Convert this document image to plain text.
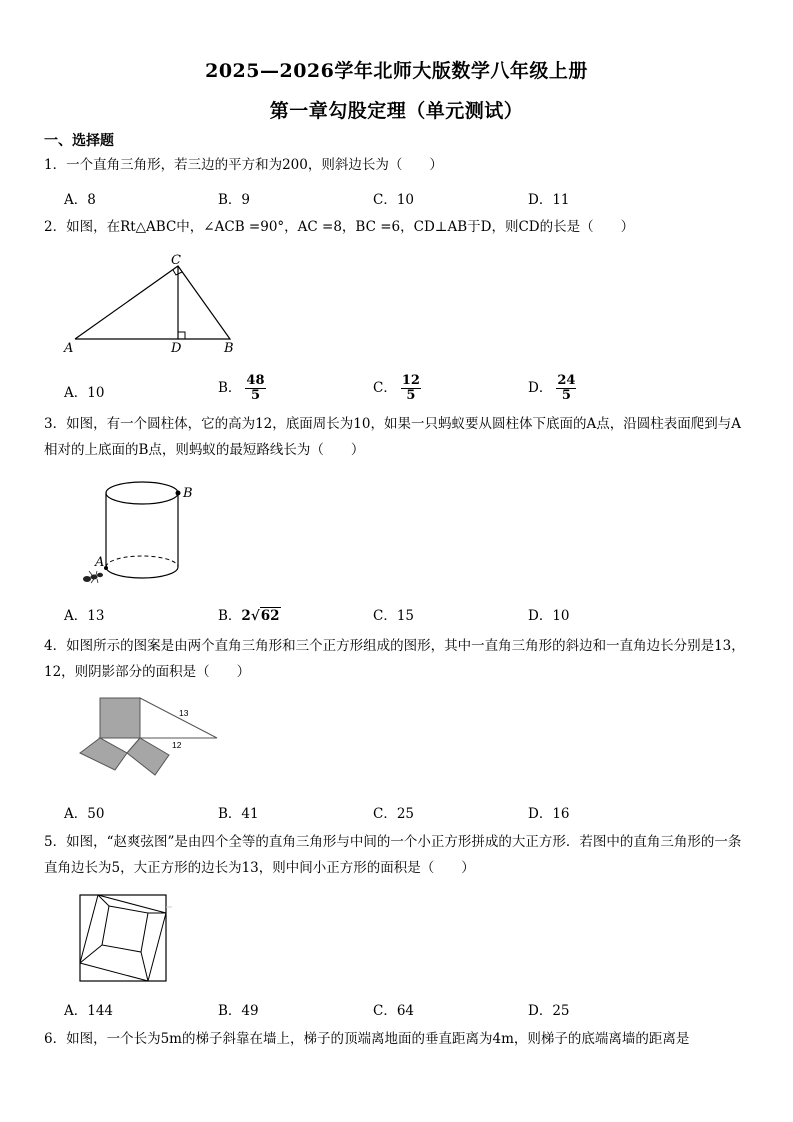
2025—2026学年北师大版数学八年级上册
第一章勾股定理（单元测试）
一、选择题
1．一个直角三角形，若三边的平方和为200，则斜边长为（　　）
A．8	B．9	C．10	D．11
2．如图，在Rt△ABC中，∠ACB =90°，AC =8，BC =6，CD⊥AB于D，则CD的长是（　　）
C
A	D	B
A．10	B． $\frac{48}{5}$	C． $\frac{12}{5}$	D． $\frac{24}{5}$
3．如图，有一个圆柱体，它的高为12，底面周长为10，如果一只蚂蚁要从圆柱体下底面的A点，沿圆柱表面爬到与A相对的上底面的B点，则蚂蚁的最短路线长为（　　）
B
A
A．13	B．2√62	C．15	D．10
4．如图所示的图案是由两个直角三角形和三个正方形组成的图形，其中一直角三角形的斜边和一直角边长分别是13，12，则阴影部分的面积是（　　）
13
12
A．50	B．41	C．25	D．16
5．如图，“赵爽弦图”是由四个全等的直角三角形与中间的一个小正方形拼成的大正方形．若图中的直角三角形的一条直角边长为5，大正方形的边长为13，则中间小正方形的面积是（　　）
A．144	B．49	C．64	D．25
6．如图，一个长为5m的梯子斜靠在墙上，梯子的顶端离地面的垂直距离为4m，则梯子的底端离墙的距离是
